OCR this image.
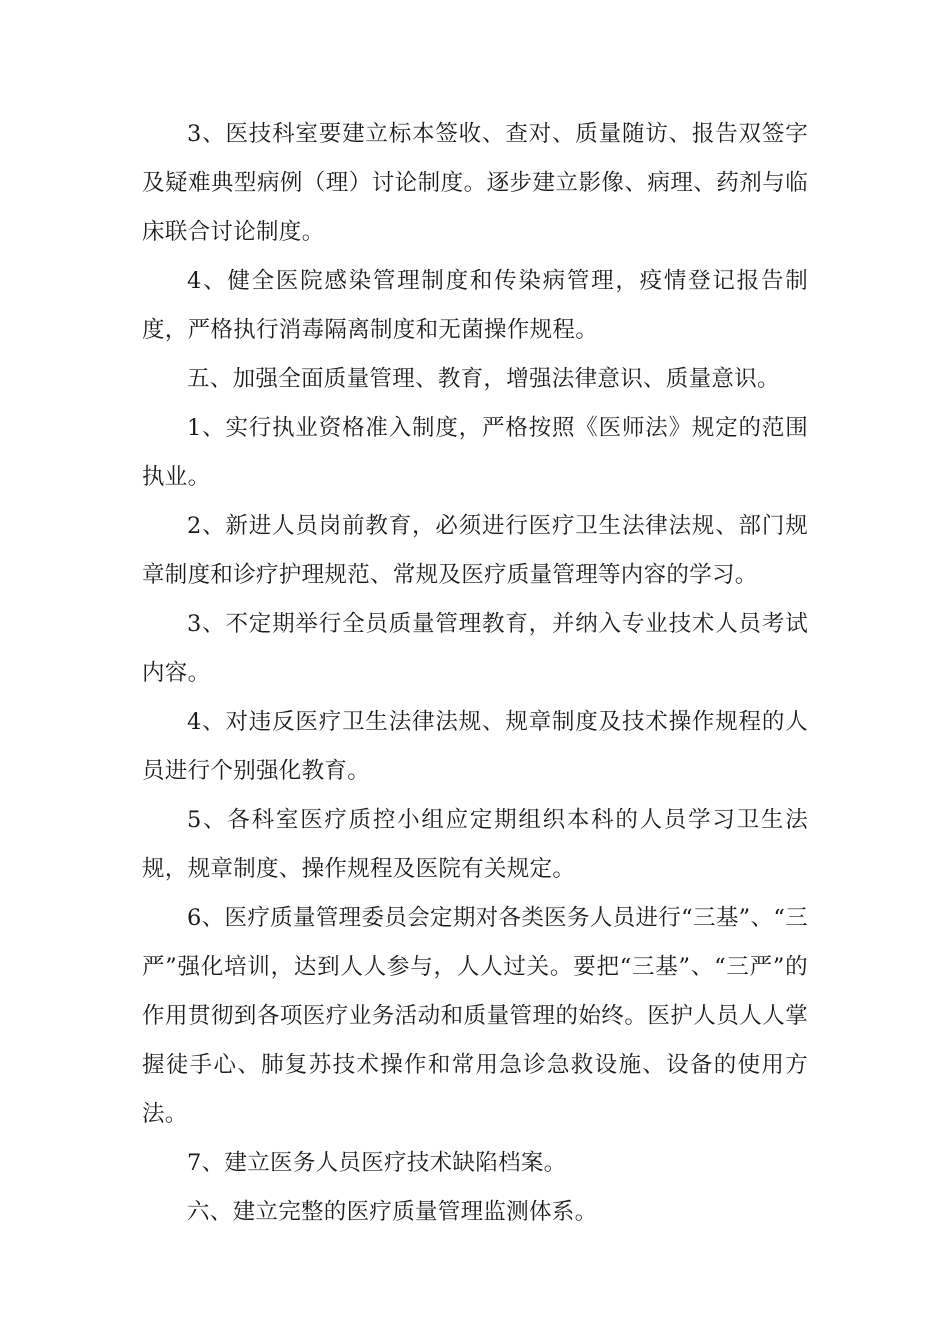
3、医技科室要建立标本签收、查对、质量随访、报告双签字及疑难典型病例（理）讨论制度。逐步建立影像、病理、药剂与临床联合讨论制度。

4、健全医院感染管理制度和传染病管理，疫情登记报告制度，严格执行消毒隔离制度和无菌操作规程。

五、加强全面质量管理、教育，增强法律意识、质量意识。

1、实行执业资格准入制度，严格按照《医师法》规定的范围执业。

2、新进人员岗前教育，必须进行医疗卫生法律法规、部门规章制度和诊疗护理规范、常规及医疗质量管理等内容的学习。

3、不定期举行全员质量管理教育，并纳入专业技术人员考试内容。

4、对违反医疗卫生法律法规、规章制度及技术操作规程的人员进行个别强化教育。

5、各科室医疗质控小组应定期组织本科的人员学习卫生法规，规章制度、操作规程及医院有关规定。

6、医疗质量管理委员会定期对各类医务人员进行“三基”、“三严”强化培训，达到人人参与，人人过关。要把“三基”、“三严”的作用贯彻到各项医疗业务活动和质量管理的始终。医护人员人人掌握徒手心、肺复苏技术操作和常用急诊急救设施、设备的使用方法。

7、建立医务人员医疗技术缺陷档案。

六、建立完整的医疗质量管理监测体系。
